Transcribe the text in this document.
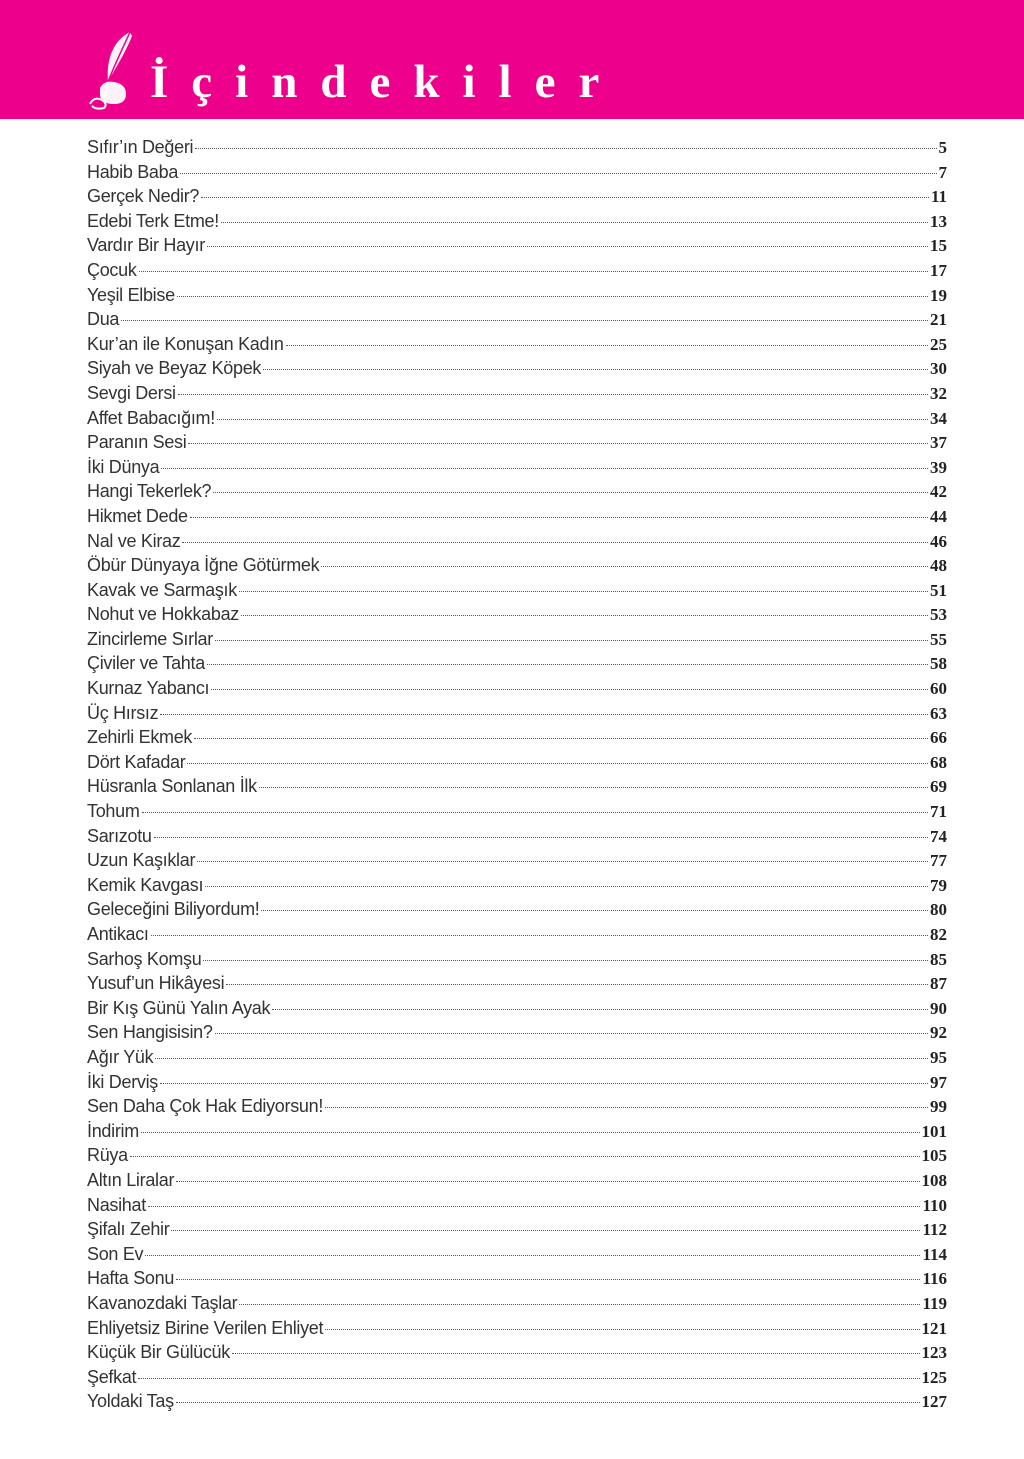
İçindekiler
Sıfır’ın Değeri	5
Habib Baba	7
Gerçek Nedir?	11
Edebi Terk Etme!	13
Vardır Bir Hayır	15
Çocuk	17
Yeşil Elbise	19
Dua	21
Kur’an ile Konuşan Kadın	25
Siyah ve Beyaz Köpek	30
Sevgi Dersi	32
Affet Babacığım!	34
Paranın Sesi	37
İki Dünya	39
Hangi Tekerlek?	42
Hikmet Dede	44
Nal ve Kiraz	46
Öbür Dünyaya İğne Götürmek	48
Kavak ve Sarmaşık	51
Nohut ve Hokkabaz	53
Zincirleme Sırlar	55
Çiviler ve Tahta	58
Kurnaz Yabancı	60
Üç Hırsız	63
Zehirli Ekmek	66
Dört Kafadar	68
Hüsranla Sonlanan İlk	69
Tohum	71
Sarızotu	74
Uzun Kaşıklar	77
Kemik Kavgası	79
Geleceğini Biliyordum!	80
Antikacı	82
Sarhoş Komşu	85
Yusuf’un Hikâyesi	87
Bir Kış Günü Yalın Ayak	90
Sen Hangisisin?	92
Ağır Yük	95
İki Derviş	97
Sen Daha Çok Hak Ediyorsun!	99
İndirim	101
Rüya	105
Altın Liralar	108
Nasihat	110
Şifalı Zehir	112
Son Ev	114
Hafta Sonu	116
Kavanozdaki Taşlar	119
Ehliyetsiz Birine Verilen Ehliyet	121
Küçük Bir Gülücük	123
Şefkat	125
Yoldaki Taş	127
